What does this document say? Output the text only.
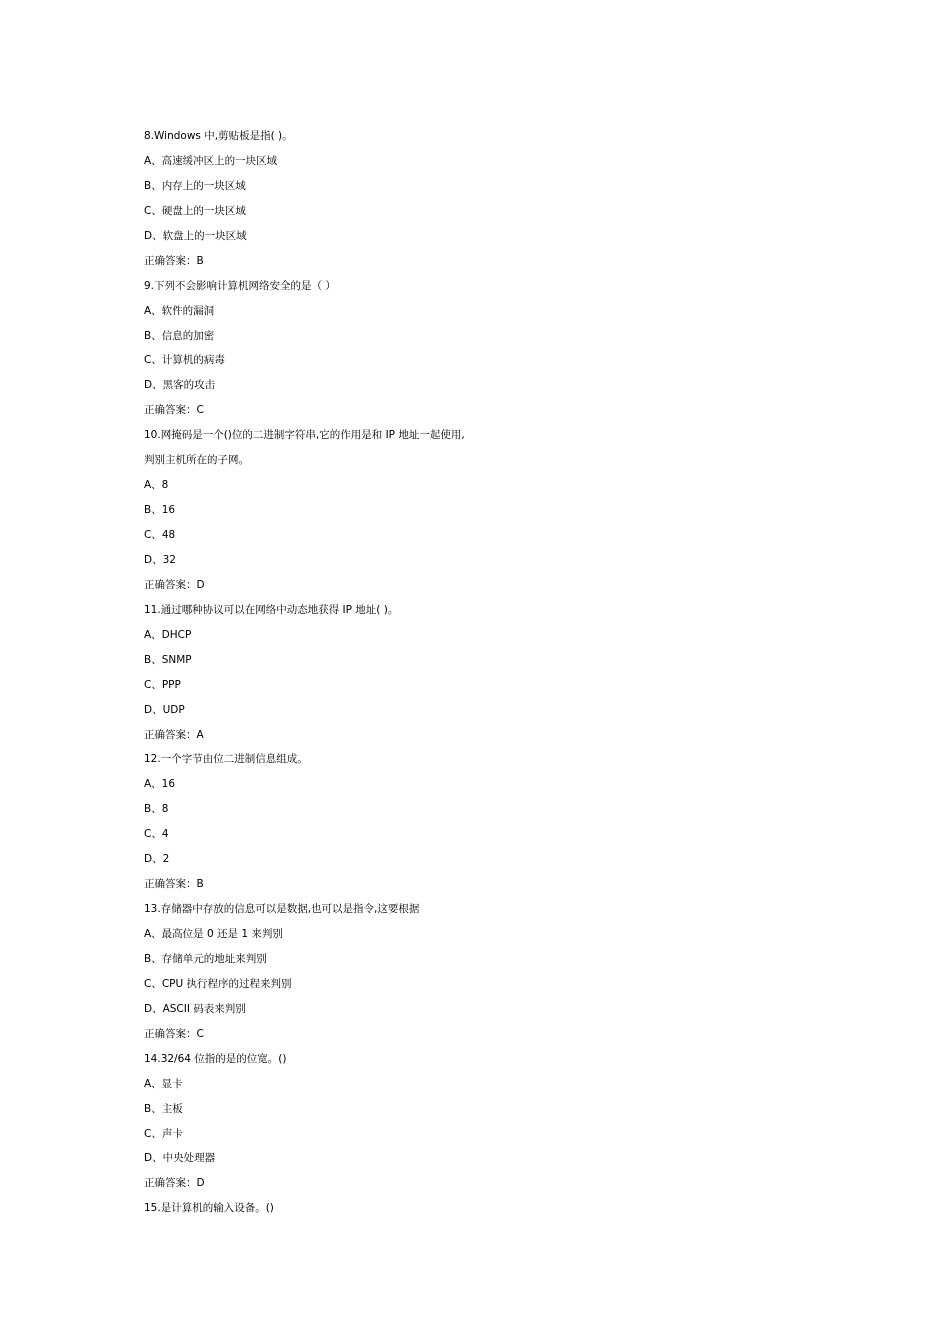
8.Windows 中,剪贴板是指( )。
A、高速缓冲区上的一块区域
B、内存上的一块区域
C、硬盘上的一块区域
D、软盘上的一块区域
正确答案：B
9.下列不会影响计算机网络安全的是（ ）
A、软件的漏洞
B、信息的加密
C、计算机的病毒
D、黑客的攻击
正确答案：C
10.网掩码是一个()位的二进制字符串,它的作用是和 IP 地址一起使用,
判别主机所在的子网。
A、8
B、16
C、48
D、32
正确答案：D
11.通过哪种协议可以在网络中动态地获得 IP 地址( )。
A、DHCP
B、SNMP
C、PPP
D、UDP
正确答案：A
12.一个字节由位二进制信息组成。
A、16
B、8
C、4
D、2
正确答案：B
13.存储器中存放的信息可以是数据,也可以是指令,这要根据
A、最高位是 0 还是 1 来判别
B、存储单元的地址来判别
C、CPU 执行程序的过程来判别
D、ASCII 码表来判别
正确答案：C
14.32/64 位指的是的位宽。()
A、显卡
B、主板
C、声卡
D、中央处理器
正确答案：D
15.是计算机的输入设备。()
